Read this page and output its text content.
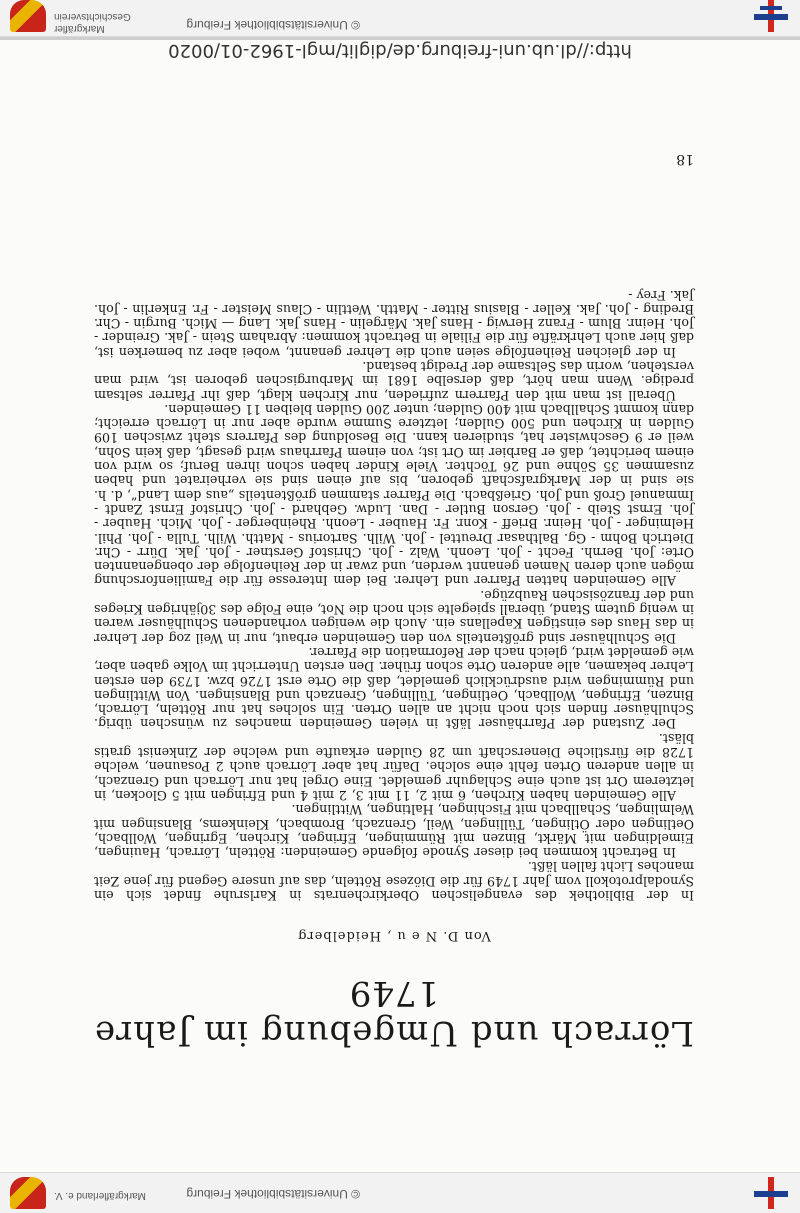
Lörrach und Umgebung im Jahre 1749
Von D. N e u , Heidelberg

In der Bibliothek des evangelischen Oberkirchenrats in Karlsruhe findet sich ein Synodalprotokoll vom Jahr 1749 für die Diözese Rötteln, das auf unsere Gegend für jene Zeit manches Licht fallen läßt.

In Betracht kommen bei dieser Synode folgende Gemeinden: Rötteln, Lörrach, Hauingen, Eimeldingen mit Märkt, Binzen mit Rümmingen, Efringen, Kirchen, Egringen, Wollbach, Oetlingen oder Ötlingen, Tüllingen, Weil, Grenzach, Brombach, Kleinkems, Blansingen mit Welmlingen, Schallbach mit Fischingen, Haltingen, Wittlingen.

Alle Gemeinden haben Kirchen, 6 mit 2, 11 mit 3, 2 mit 4 und Efringen mit 5 Glocken, in letzterem Ort ist auch eine Schlaguhr gemeldet. Eine Orgel hat nur Lörrach und Grenzach, in allen anderen Orten fehlt eine solche. Dafür hat aber Lörrach auch 2 Posaunen, welche 1728 die fürstliche Dienerschaft um 28 Gulden erkaufte und welche der Zinkenist gratis bläst.

Der Zustand der Pfarrhäuser läßt in vielen Gemeinden manches zu wünschen übrig. Schulhäuser finden sich noch nicht an allen Orten. Ein solches hat nur Rötteln, Lörrach, Binzen, Efringen, Wollbach, Oetlingen, Tüllingen, Grenzach und Blansingen. Von Wittlingen und Rümmingen wird ausdrücklich gemeldet, daß die Orte erst 1726 bzw. 1739 den ersten Lehrer bekamen, alle anderen Orte schon früher. Den ersten Unterricht im Volke gaben aber, wie gemeldet wird, gleich nach der Reformation die Pfarrer.

Die Schulhäuser sind größtenteils von den Gemeinden erbaut, nur in Weil zog der Lehrer in das Haus des einstigen Kapellans ein. Auch die wenigen vorhandenen Schulhäuser waren in wenig gutem Stand, überall spiegelte sich noch die Not, eine Folge des 30jährigen Krieges und der französischen Raubzüge.

Alle Gemeinden hatten Pfarrer und Lehrer. Bei dem Interesse für die Familienforschung mögen auch deren Namen genannt werden, und zwar in der Reihenfolge der obengenannten Orte: Joh. Bernh. Fecht - Joh. Leonh. Walz - Joh. Christof Gerstner - Joh. Jak. Dürr - Chr. Dietrich Bohm - Gg. Balthasar Dreuttel - Joh. Wilh. Sartorius - Matth. Wilh. Tulla - Joh. Phil. Helminger - Joh. Heinr. Brieff - Konr. Fr. Hauber - Leonh. Rheinberger - Joh. Mich. Hauber - Joh. Ernst Steib - Joh. Gerson Butler - Dan. Ludw. Gebhard - Joh. Christof Ernst Zandt - Immanuel Groß und Joh. Grießbach. Die Pfarrer stammen größtenteils „aus dem Land“, d. h. sie sind in der Markgrafschaft geboren, bis auf einen sind sie verheiratet und haben zusammen 35 Söhne und 26 Töchter. Viele Kinder haben schon ihren Beruf; so wird von einem berichtet, daß er Barbier im Ort ist; von einem Pfarrhaus wird gesagt, daß kein Sohn, weil er 9 Geschwister hat, studieren kann. Die Besoldung des Pfarrers steht zwischen 109 Gulden in Kirchen und 500 Gulden; letztere Summe wurde aber nur in Lörrach erreicht; dann kommt Schallbach mit 400 Gulden; unter 200 Gulden bleiben 11 Gemeinden.

Überall ist man mit den Pfarrern zufrieden, nur Kirchen klagt, daß ihr Pfarrer seltsam predige. Wenn man hört, daß derselbe 1681 im Marburgischen geboren ist, wird man verstehen, worin das Seltsame der Predigt bestand.

In der gleichen Reihenfolge seien auch die Lehrer genannt, wobei aber zu bemerken ist, daß hier auch Lehrkräfte für die Filiale in Betracht kommen: Abraham Stein - Jak. Greinder - Joh. Heinr. Blum - Franz Herwig - Hans Jak. Märgelin - Hans Jak. Lang — Mich. Burgin - Chr. Breding - Joh. Jak. Keller - Blasius Ritter - Matth. Wettlin - Claus Meister - Fr. Enkerlin - Joh. Jak. Frey -

18
© Universitätsbibliothek Freiburg
Markgräflerland e. V.
© Universitätsbibliothek Freiburg
Markgräfler
Geschichtsverein
http://dl.ub.uni-freiburg.de/diglit/mgl-1962-01/0020
